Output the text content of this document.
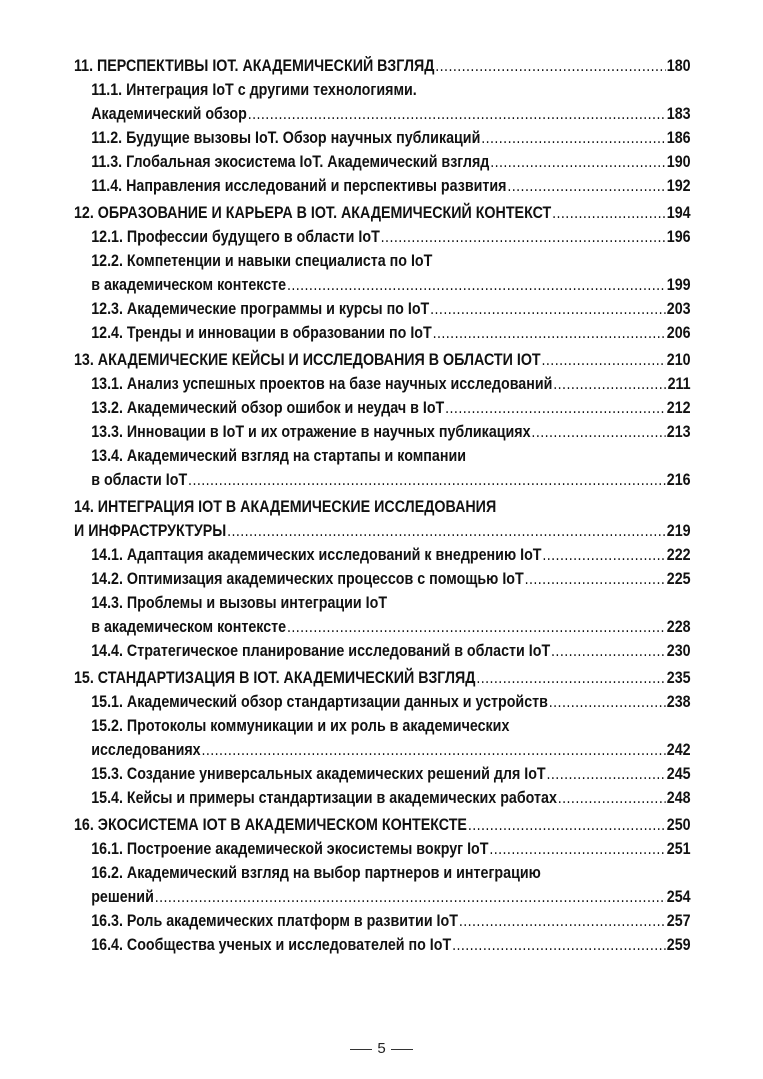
11. ПЕРСПЕКТИВЫ IOT. АКАДЕМИЧЕСКИЙ ВЗГЛЯД .....	180
11.1. Интеграция IoT с другими технологиями.
Академический обзор .....	183
11.2. Будущие вызовы IoT. Обзор научных публикаций .....	186
11.3. Глобальная экосистема IoT. Академический взгляд .....	190
11.4. Направления исследований и перспективы развития .....	192
12. ОБРАЗОВАНИЕ И КАРЬЕРА В IOT. АКАДЕМИЧЕСКИЙ КОНТЕКСТ .....	194
12.1. Профессии будущего в области IoT .....	196
12.2. Компетенции и навыки специалиста по IoT
в академическом контексте .....	199
12.3. Академические программы и курсы по IoT .....	203
12.4. Тренды и инновации в образовании по IoT .....	206
13. АКАДЕМИЧЕСКИЕ КЕЙСЫ И ИССЛЕДОВАНИЯ В ОБЛАСТИ IOT .....	210
13.1. Анализ успешных проектов на базе научных исследований .....	211
13.2. Академический обзор ошибок и неудач в IoT .....	212
13.3. Инновации в IoT и их отражение в научных публикациях .....	213
13.4. Академический взгляд на стартапы и компании
в области IoT .....	216
14. ИНТЕГРАЦИЯ IOT В АКАДЕМИЧЕСКИЕ ИССЛЕДОВАНИЯ
И ИНФРАСТРУКТУРЫ .....	219
14.1. Адаптация академических исследований к внедрению IoT .....	222
14.2. Оптимизация академических процессов с помощью IoT .....	225
14.3. Проблемы и вызовы интеграции IoT
в академическом контексте .....	228
14.4. Стратегическое планирование исследований в области IoT .....	230
15. СТАНДАРТИЗАЦИЯ В IOT. АКАДЕМИЧЕСКИЙ ВЗГЛЯД .....	235
15.1. Академический обзор стандартизации данных и устройств .....	238
15.2. Протоколы коммуникации и их роль в академических
исследованиях .....	242
15.3. Создание универсальных академических решений для IoT .....	245
15.4. Кейсы и примеры стандартизации в академических работах .....	248
16. ЭКОСИСТЕМА IOT В АКАДЕМИЧЕСКОМ КОНТЕКСТЕ .....	250
16.1. Построение академической экосистемы вокруг IoT .....	251
16.2. Академический взгляд на выбор партнеров и интеграцию
решений .....	254
16.3. Роль академических платформ в развитии IoT .....	257
16.4. Сообщества ученых и исследователей по IoT .....	259
5
